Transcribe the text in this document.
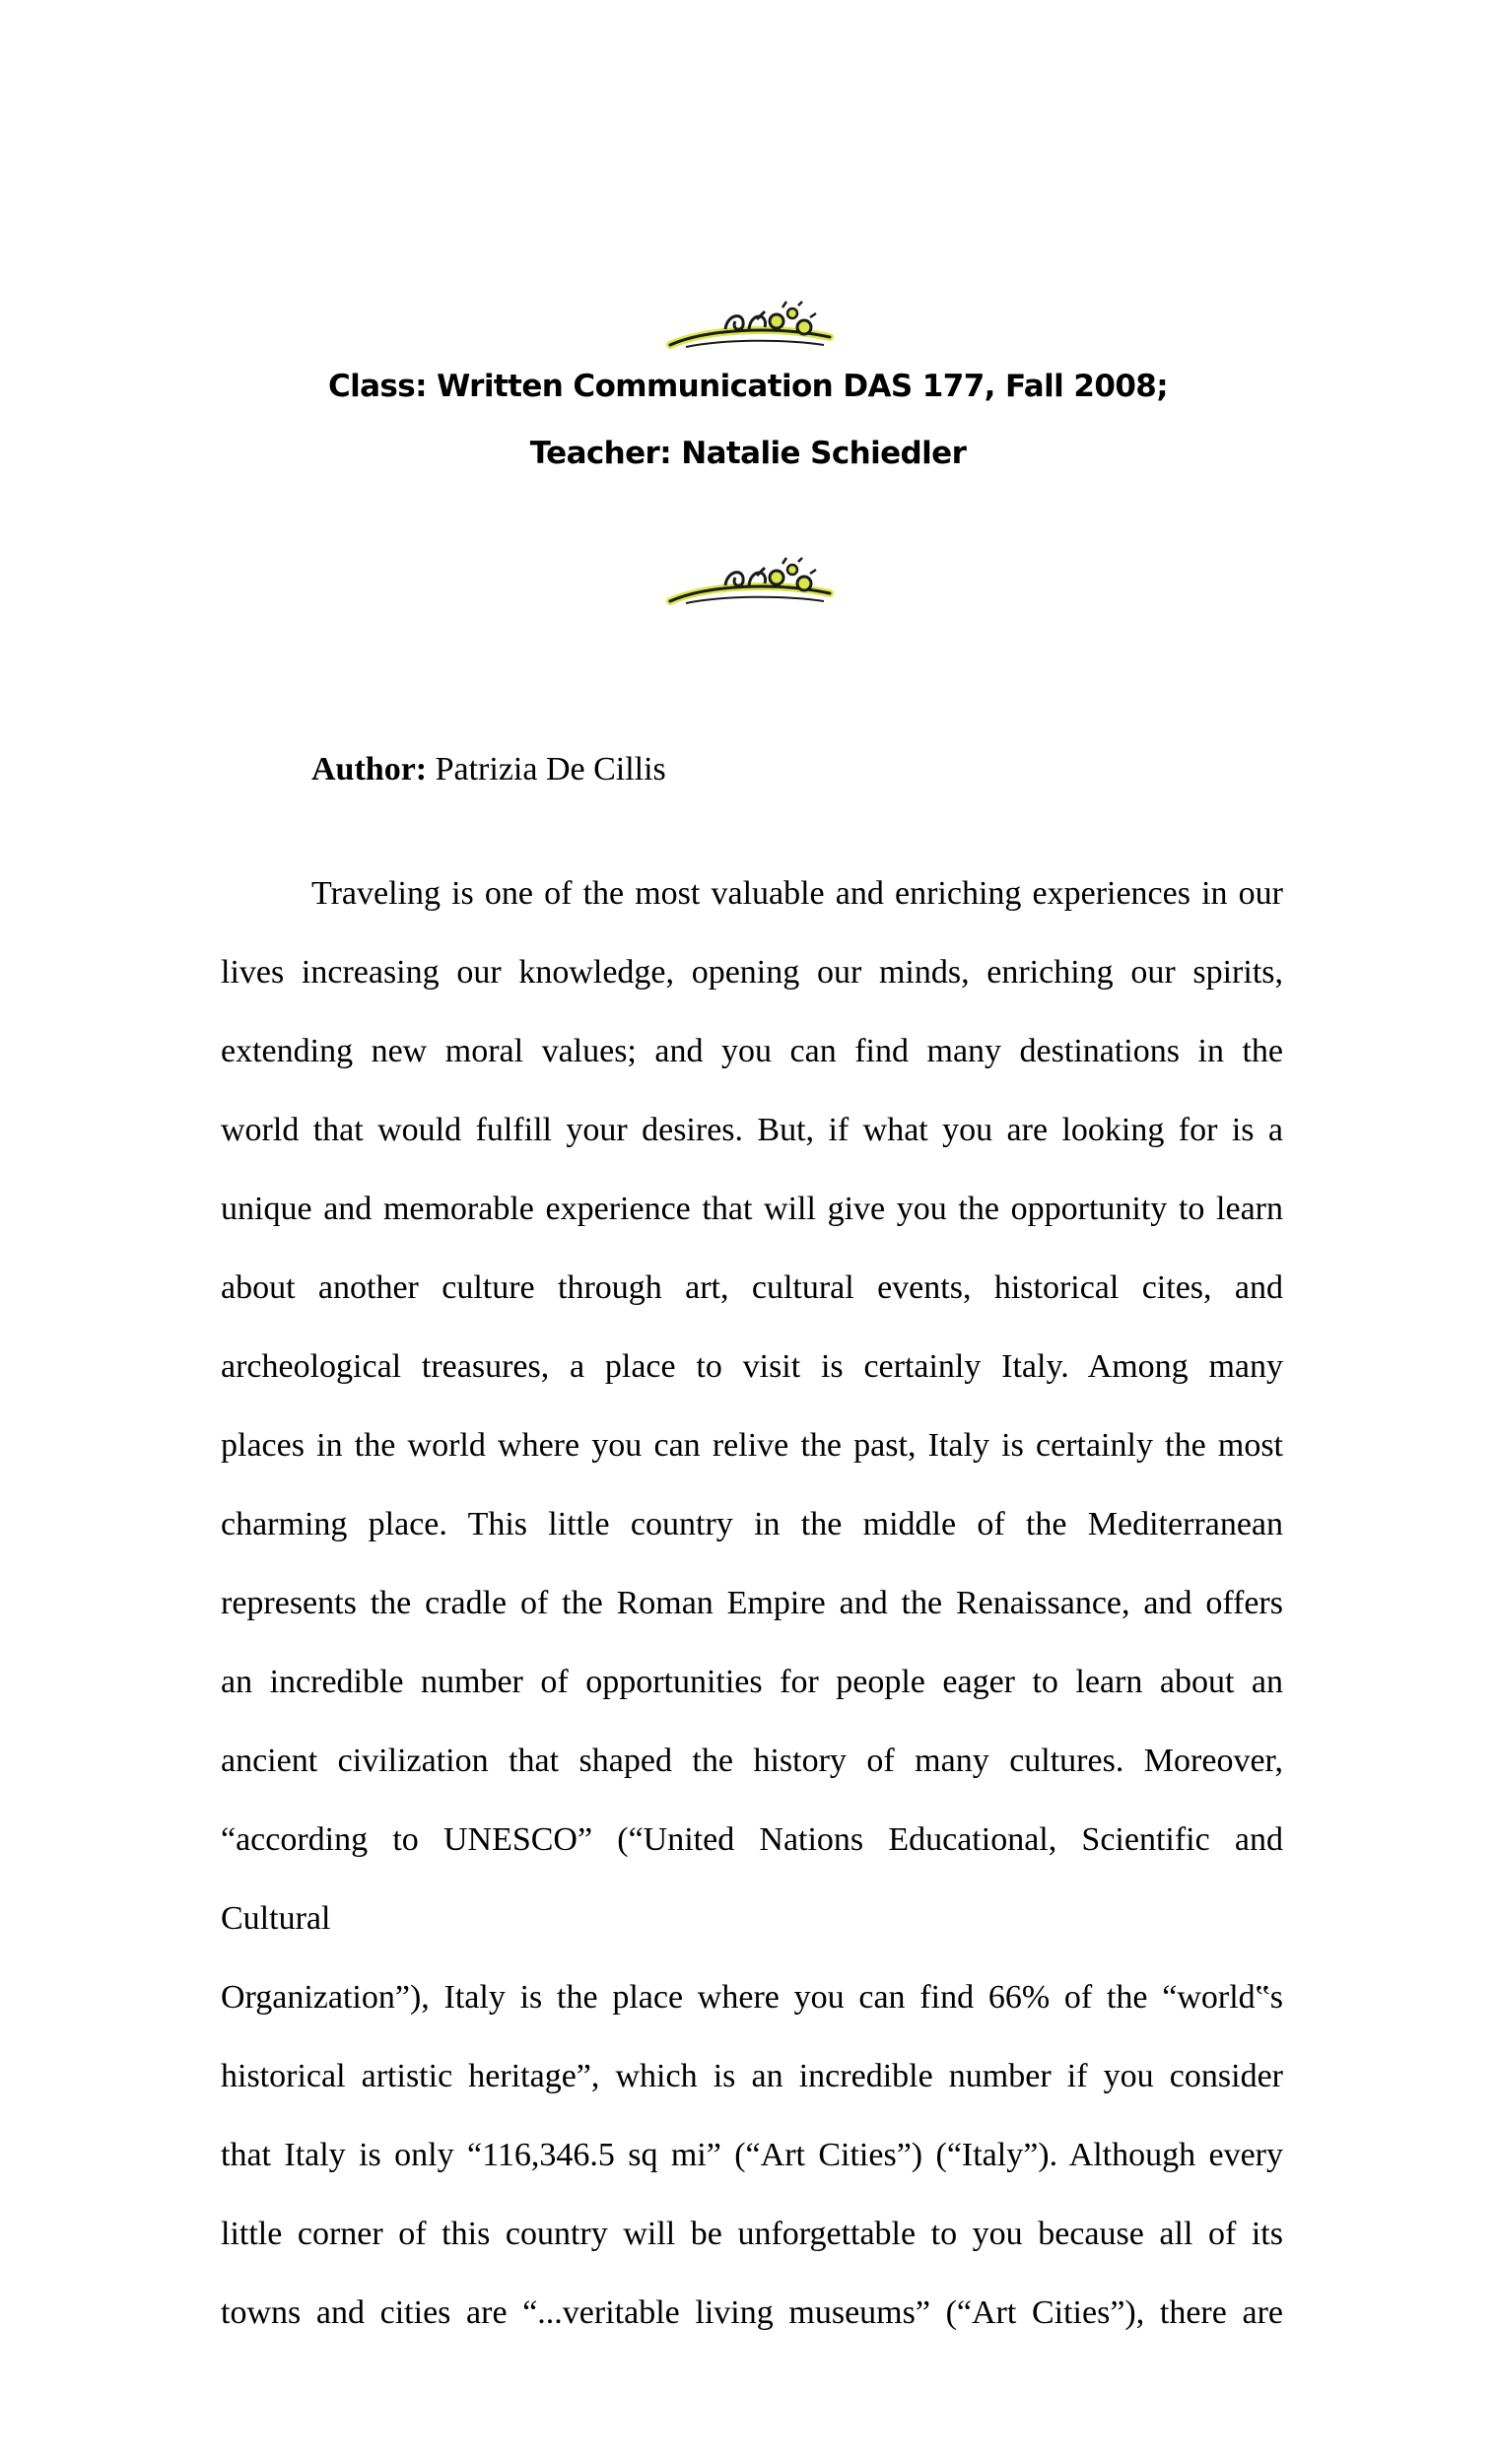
Class: Written Communication DAS 177, Fall 2008;
Teacher: Natalie Schiedler
Author: Patrizia De Cillis
Traveling is one of the most valuable and enriching experiences in our
lives increasing our knowledge, opening our minds, enriching our spirits,
extending new moral values; and you can find many destinations in the
world that would fulfill your desires. But, if what you are looking for is a
unique and memorable experience that will give you the opportunity to learn
about another culture through art, cultural events, historical cites, and
archeological treasures, a place to visit is certainly Italy. Among many
places in the world where you can relive the past, Italy is certainly the most
charming place. This little country in the middle of the Mediterranean
represents the cradle of the Roman Empire and the Renaissance, and offers
an incredible number of opportunities for people eager to learn about an
ancient civilization that shaped the history of many cultures. Moreover,
“according to UNESCO” (“United Nations Educational, Scientific and
Cultural
Organization”), Italy is the place where you can find 66% of the “world‟s
historical artistic heritage”, which is an incredible number if you consider
that Italy is only “116,346.5 sq mi” (“Art Cities”) (“Italy”). Although every
little corner of this country will be unforgettable to you because all of its
towns and cities are “...veritable living museums” (“Art Cities”), there are
